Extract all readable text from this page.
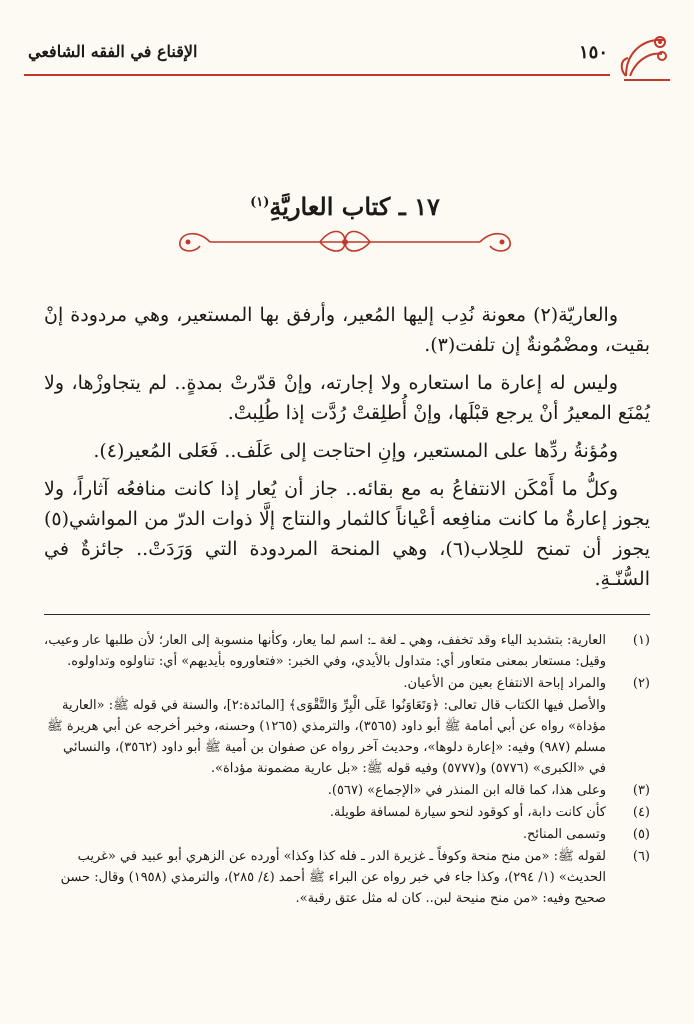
الإقناع في الفقه الشافعي	١٥٠
١٧ ـ كتاب العاريَّةِ$^{(١)}$

والعاريّة(٢) معونة نُدِب إليها المُعير، وأرفق بها المستعير، وهي مردودة إنْ بقيت، ومضْمُونةٌ إن تلفت(٣).

وليس له إعارة ما استعاره ولا إجارته، وإنْ قدّرتْ بمدةٍ.. لم يتجاوزْها، ولا يُمْنَع المعيرُ أنْ يرجع قبْلَها، وإنْ أُطلِقتْ رُدَّت إذا طُلِبتْ.

ومُؤنةُ ردِّها على المستعير، وإنِ احتاجت إلى عَلَف.. فَعَلى المُعير(٤).

وكلُّ ما أَمْكَن الانتفاعُ به مع بقائه.. جاز أن يُعار إذا كانت منافعُه آثاراً، ولا يجوز إعارةُ ما كانت منافِعه أعْياناً كالثمار والنتاج إلَّا ذوات الدرّ من المواشي(٥) يجوز أن تمنح للحِلاب(٦)، وهي المنحة المردودة التي وَرَدَتْ.. جائزةٌ في السُّنّـةِ.

(١)
العارية: بتشديد الياء وقد تخفف، وهي ـ لغة ـ: اسم لما يعار، وكأنها منسوبة إلى العار؛ لأن طلبها عار وعيب، وقيل: مستعار بمعنى متعاور أي: متداول بالأيدي، وفي الخبر: «فتعاوروه بأيديهم» أي: تناولوه وتداولوه.
(٢)
والمراد إباحة الانتفاع بعين من الأعيان.
والأصل فيها الكتاب قال تعالى: ﴿وَتَعَاوَنُوا عَلَى الْبِرِّ وَالتَّقْوَى﴾ [المائدة:٢]، والسنة في قوله ﷺ: «العارية مؤداة» رواه عن أبي أمامة ﷺ أبو داود (٣٥٦٥)، والترمذي (١٢٦٥) وحسنه، وخبر أخرجه عن أبي هريرة ﷺ مسلم (٩٨٧) وفيه: «إعارة دلوها»، وحديث آخر رواه عن صفوان بن أمية ﷺ أبو داود (٣٥٦٢)، والنسائي في «الكبرى» (٥٧٧٦) و(٥٧٧٧) وفيه قوله ﷺ: «بل عارية مضمونة مؤداة».
(٣)
وعلى هذا، كما قاله ابن المنذر في «الإجماع» (٥٦٧).
(٤)
كأن كانت دابة، أو كوقود لنحو سيارة لمسافة طويلة.
(٥)
وتسمى المنائح.
(٦)
لقوله ﷺ: «من منح منحة وكوفاً ـ غزيرة الدر ـ فله كذا وكذا» أورده عن الزهري أبو عبيد في «غريب الحديث» (١/ ٢٩٤)، وكذا جاء في خبر رواه عن البراء ﷺ أحمد (٤/ ٢٨٥)، والترمذي (١٩٥٨) وقال: حسن صحيح وفيه: «من منح منيحة لبن.. كان له مثل عتق رقبة».
